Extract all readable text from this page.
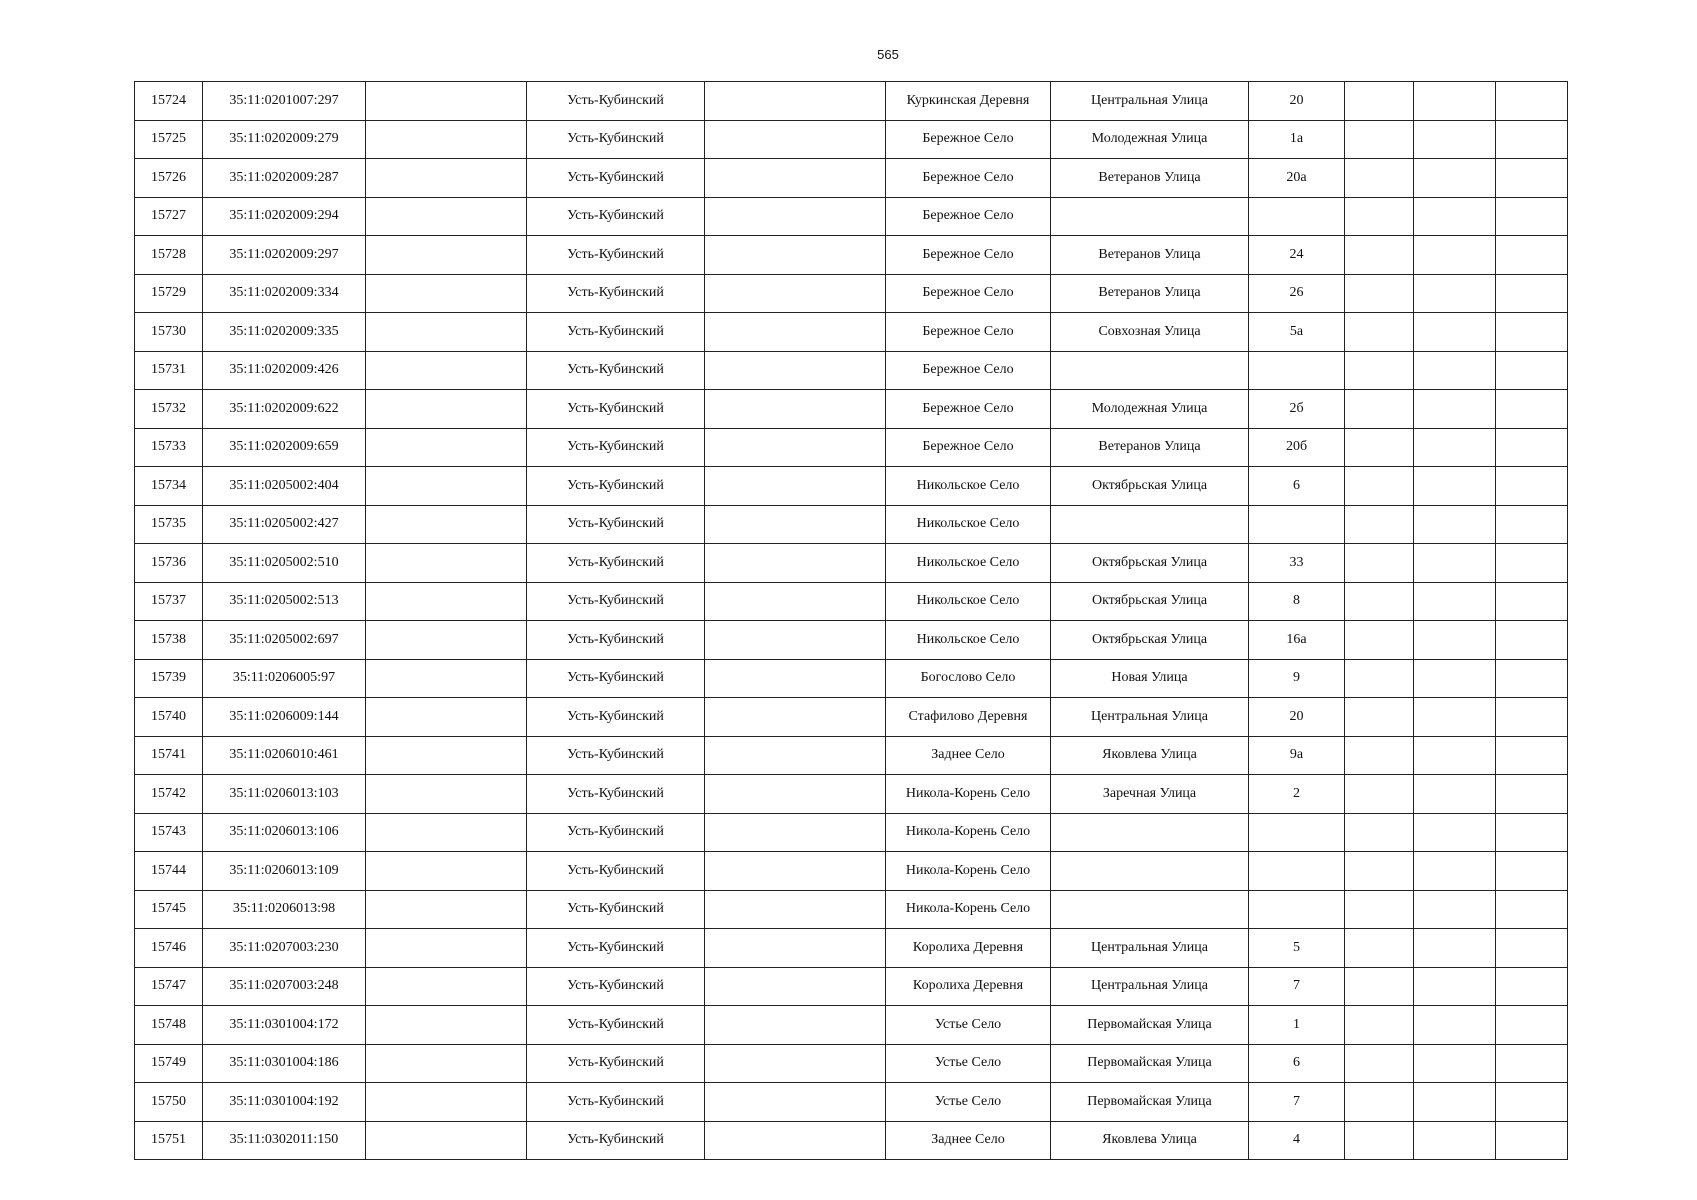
565
15724	35:11:0201007:297		Усть-Кубинский		Куркинская Деревня	Центральная Улица	20			
15725	35:11:0202009:279		Усть-Кубинский		Бережное Село	Молодежная Улица	1а			
15726	35:11:0202009:287		Усть-Кубинский		Бережное Село	Ветеранов Улица	20а			
15727	35:11:0202009:294		Усть-Кубинский		Бережное Село					
15728	35:11:0202009:297		Усть-Кубинский		Бережное Село	Ветеранов Улица	24			
15729	35:11:0202009:334		Усть-Кубинский		Бережное Село	Ветеранов Улица	26			
15730	35:11:0202009:335		Усть-Кубинский		Бережное Село	Совхозная Улица	5а			
15731	35:11:0202009:426		Усть-Кубинский		Бережное Село					
15732	35:11:0202009:622		Усть-Кубинский		Бережное Село	Молодежная Улица	2б			
15733	35:11:0202009:659		Усть-Кубинский		Бережное Село	Ветеранов Улица	20б			
15734	35:11:0205002:404		Усть-Кубинский		Никольское Село	Октябрьская Улица	6			
15735	35:11:0205002:427		Усть-Кубинский		Никольское Село					
15736	35:11:0205002:510		Усть-Кубинский		Никольское Село	Октябрьская Улица	33			
15737	35:11:0205002:513		Усть-Кубинский		Никольское Село	Октябрьская Улица	8			
15738	35:11:0205002:697		Усть-Кубинский		Никольское Село	Октябрьская Улица	16а			
15739	35:11:0206005:97		Усть-Кубинский		Богослово Село	Новая Улица	9			
15740	35:11:0206009:144		Усть-Кубинский		Стафилово Деревня	Центральная Улица	20			
15741	35:11:0206010:461		Усть-Кубинский		Заднее Село	Яковлева Улица	9а			
15742	35:11:0206013:103		Усть-Кубинский		Никола-Корень Село	Заречная Улица	2			
15743	35:11:0206013:106		Усть-Кубинский		Никола-Корень Село					
15744	35:11:0206013:109		Усть-Кубинский		Никола-Корень Село					
15745	35:11:0206013:98		Усть-Кубинский		Никола-Корень Село					
15746	35:11:0207003:230		Усть-Кубинский		Королиха Деревня	Центральная Улица	5			
15747	35:11:0207003:248		Усть-Кубинский		Королиха Деревня	Центральная Улица	7			
15748	35:11:0301004:172		Усть-Кубинский		Устье Село	Первомайская Улица	1			
15749	35:11:0301004:186		Усть-Кубинский		Устье Село	Первомайская Улица	6			
15750	35:11:0301004:192		Усть-Кубинский		Устье Село	Первомайская Улица	7			
15751	35:11:0302011:150		Усть-Кубинский		Заднее Село	Яковлева Улица	4			
